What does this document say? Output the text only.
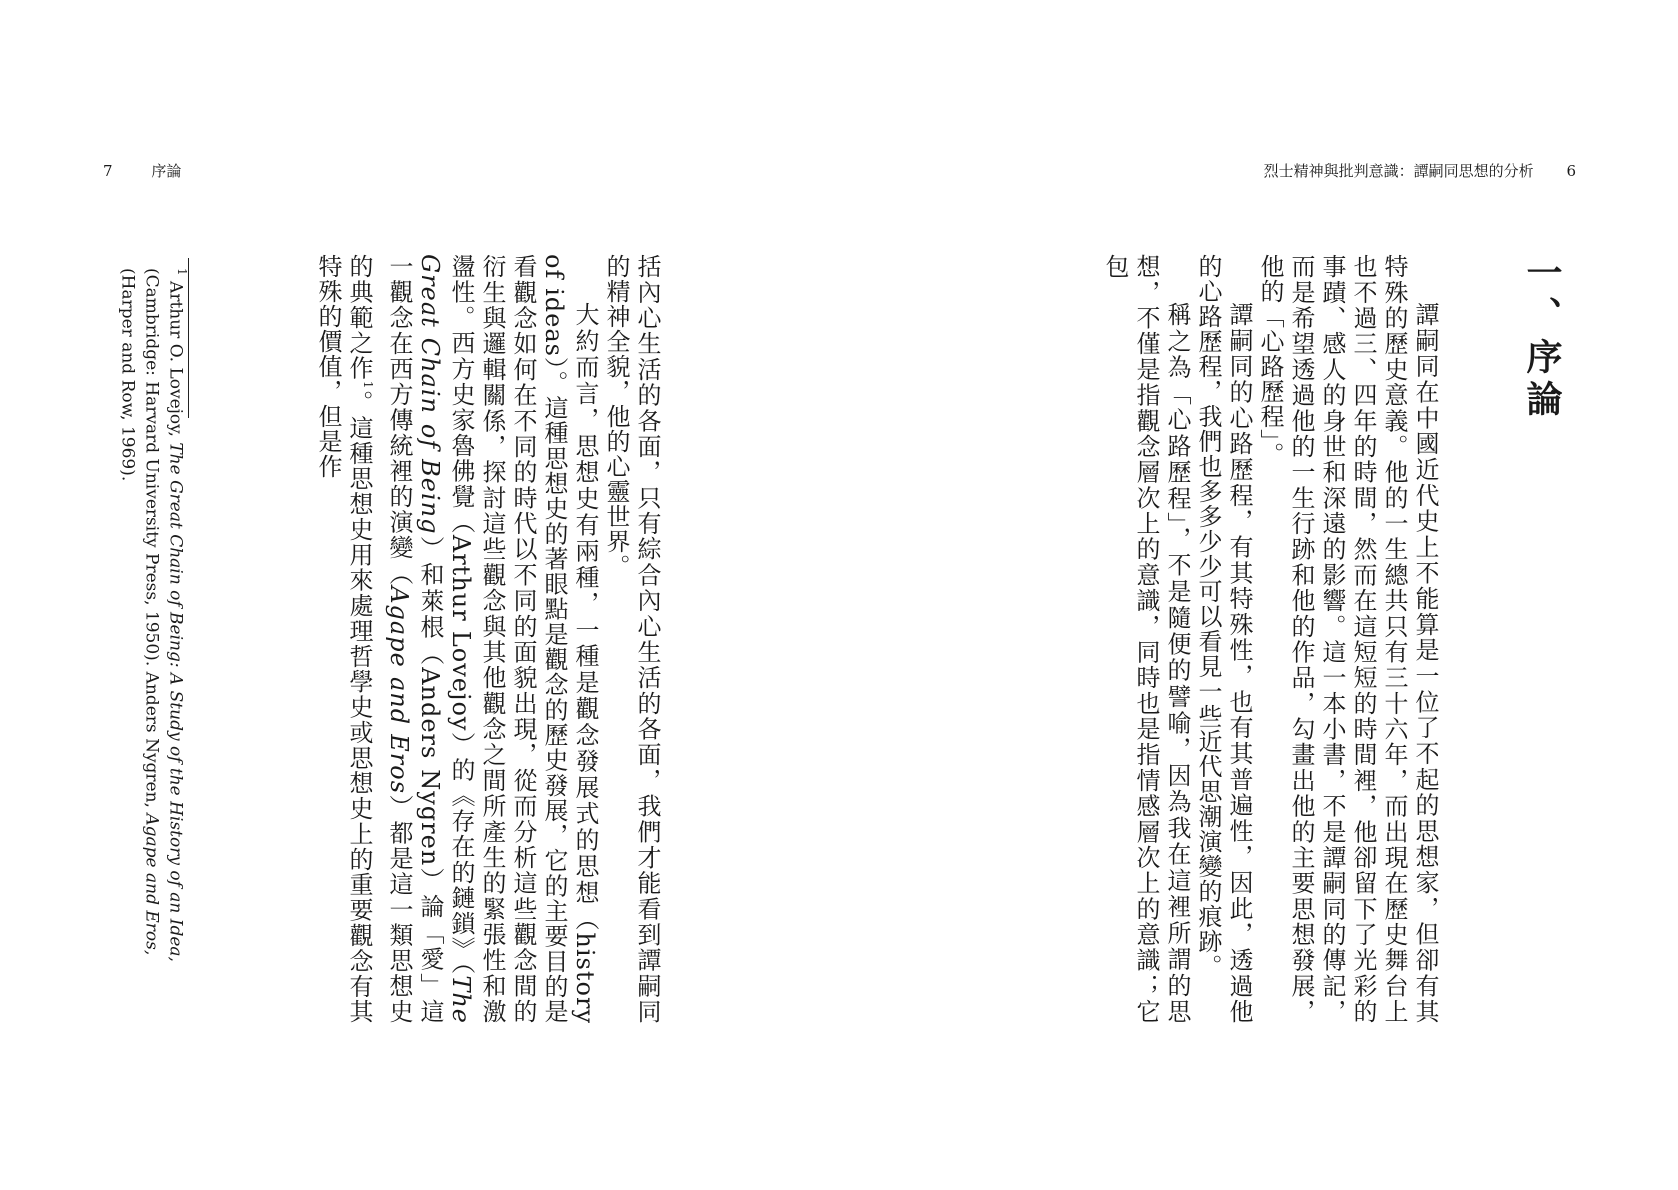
7	序論	烈士精神與批判意識：譚嗣同思想的分析 6
一、序論

譚嗣同在中國近代史上不能算是一位了不起的思想家，但卻有其特殊的歷史意義。他的一生總共只有三十六年，而出現在歷史舞台上也不過三、四年的時間，然而在這短短的時間裡，他卻留下了光彩的事蹟、感人的身世和深遠的影響。這一本小書，不是譚嗣同的傳記，而是希望透過他的一生行跡和他的作品，勾畫出他的主要思想發展，他的「心路歷程」。

譚嗣同的心路歷程，有其特殊性，也有其普遍性，因此，透過他的心路歷程，我們也多多少少可以看見一些近代思潮演變的痕跡。

稱之為「心路歷程」，不是隨便的譬喻，因為我在這裡所謂的思想，不僅是指觀念層次上的意識，同時也是指情感層次上的意識；它包

括內心生活的各面，只有綜合內心生活的各面，我們才能看到譚嗣同的精神全貌，他的心靈世界。

大約而言，思想史有兩種，一種是觀念發展式的思想（history of ideas）。這種思想史的著眼點是觀念的歷史發展，它的主要目的是看觀念如何在不同的時代以不同的面貌出現，從而分析這些觀念間的衍生與邏輯關係，探討這些觀念與其他觀念之間所產生的緊張性和激盪性。西方史家魯佛覺（Arthur Lovejoy）的《存在的鏈鎖》（The Great Chain of Being）和萊根（Anders Nygren）論「愛」這一觀念在西方傳統裡的演變（Agape and Eros）都是這一類思想史的典範之作$^1$。這種思想史用來處理哲學史或思想史上的重要觀念有其特殊的價值，但是作

$^1$ Arthur O. Lovejoy, The Great Chain of Being: A Study of the History of an Idea, (Cambridge: Harvard University Press, 1950). Anders Nygren, Agape and Eros, (Harper and Row, 1969).
